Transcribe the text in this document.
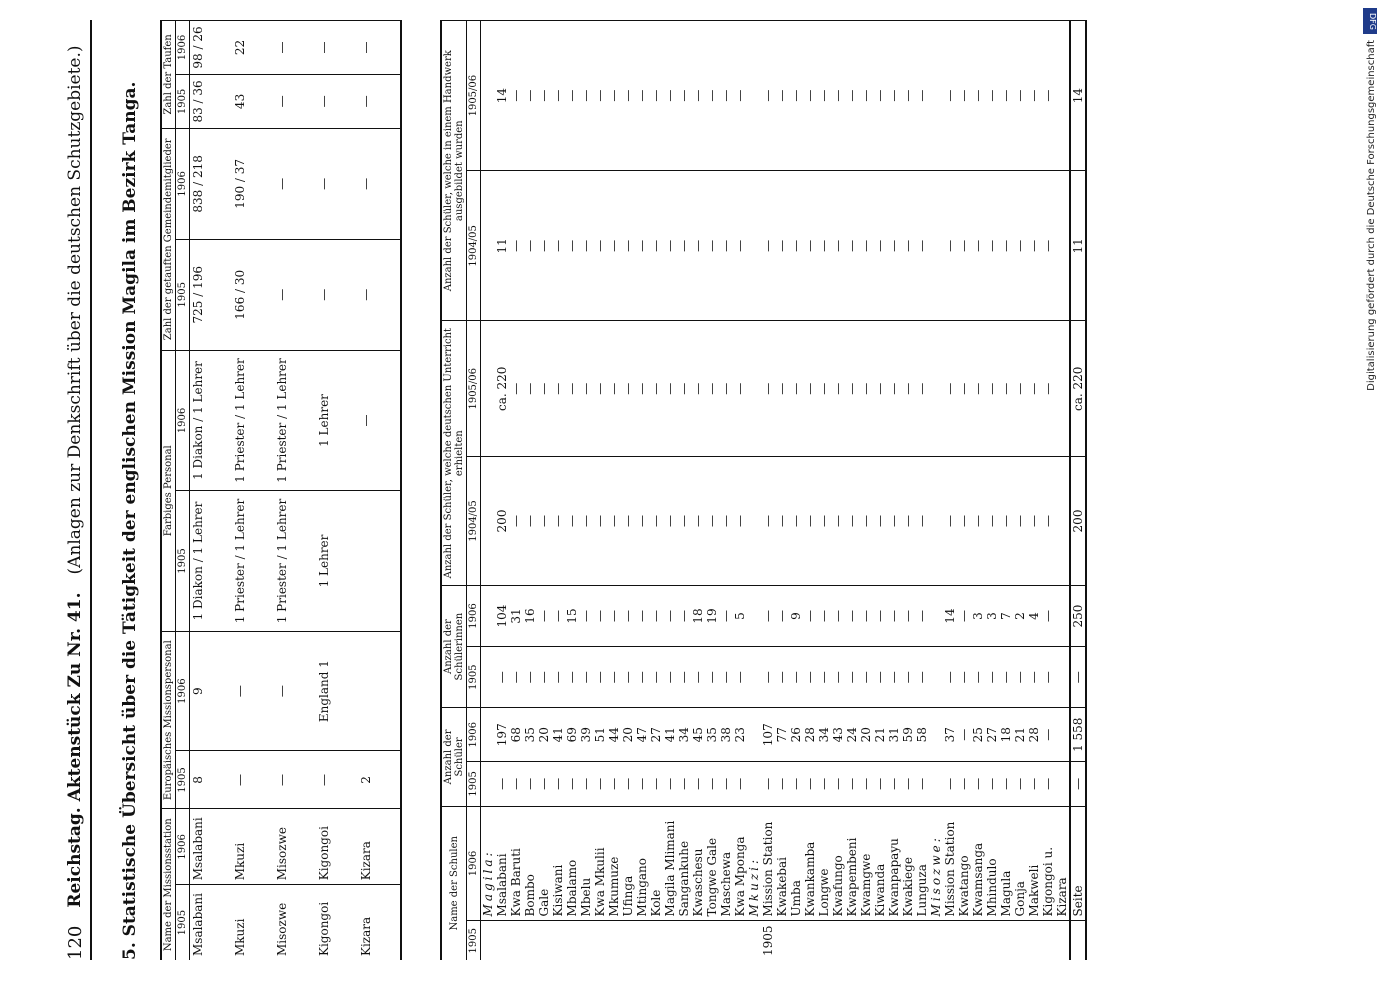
120
Reichstag. Aktenstück Zu Nr. 41.
(Anlagen zur Denkschrift über die deutschen Schutzgebiete.) 5. Statistische Übersicht über die Tätigkeit der englischen Mission Magila im Bezirk Tanga. Name der Missionsstation		Europäisches Missionspersonal		Farbiges Personal		Zahl der getauften Gemeindemitglieder		Zahl der Taufen	
1905	1906	1905	1906	1905	1906	1905	1906	1905	1906
Msalabani	Msalabani	8	9	1 Diakon / 1 Lehrer	1 Diakon / 1 Lehrer	725 / 196	838 / 218	83 / 36	98 / 26
Mkuzi	Mkuzi	—	—	1 Priester / 1 Lehrer	1 Priester / 1 Lehrer	166 / 30	190 / 37	43	22
Misozwe	Misozwe	—	—	1 Priester / 1 Lehrer	1 Priester / 1 Lehrer	—	—	—	—
Kigongoi	Kigongoi	—	England 1	1 Lehrer	1 Lehrer	—	—	—	—
Kizara	Kizara	2			—	—	—	—	—
Name der Schulen		Anzahl der Schüler		Anzahl der Schülerinnen		Anzahl der Schüler, welche deutschen Unterricht erhielten		Anzahl der Schüler, welche in einem Handwerk ausgebildet wurden	
1905	1906	1905	1906	1905	1906	1904/05	1905/06	1904/05	1905/06
	Magila:								
	Msalabani	—	197	—	104	200	ca. 220	11	14
	Kwa Baruti	—	68	—	31	—	—	—	—
	Bombo	—	35	—	16	—	—	—	—
	Gale	—	20	—	—	—	—	—	—
	Kisiwani	—	41	—	—	—	—	—	—
	Mbalamo	—	69	—	15	—	—	—	—
	Mbelu	—	39	—	—	—	—	—	—
	Kwa Mkulii	—	51	—	—	—	—	—	—
	Mkumuze	—	44	—	—	—	—	—	—
	Ufinga	—	20	—	—	—	—	—	—
	Mtingano	—	47	—	—	—	—	—	—
	Kole	—	27	—	—	—	—	—	—
	Magila Mlimani	—	41	—	—	—	—	—	—
	Sangankuhe	—	34	—	—	—	—	—	—
	Kwaschesu	—	45	—	18	—	—	—	—
	Tongwe Gale	—	35	—	19	—	—	—	—
	Maschewa	—	38	—	—	—	—	—	—
	Kwa Mponga	—	23	—	5	—	—	—	—
	Mkuzi:								
1905	Mission Station	—	107	—	—	—	—	—	—
	Kwakebai	—	77	—	—	—	—	—	—
	Umba	—	26	—	9	—	—	—	—
	Kwankamba	—	28	—	—	—	—	—	—
	Longwe	—	34	—	—	—	—	—	—
	Kwafungo	—	43	—	—	—	—	—	—
	Kwapembeni	—	24	—	—	—	—	—	—
	Kwamgwe	—	20	—	—	—	—	—	—
	Kiwanda	—	21	—	—	—	—	—	—
	Kwanpapayu	—	31	—	—	—	—	—	—
	Kwakiege	—	59	—	—	—	—	—	—
	Lunguza	—	58	—	—	—	—	—	—
	Misozwe:								
	Mission Station	—	37	—	14	—	—	—	—
	Kwatango	—	—	—	—	—	—	—	—
	Kwamsanga	—	25	—	3	—	—	—	—
	Mhindulo	—	27	—	3	—	—	—	—
	Magula	—	18	—	7	—	—	—	—
	Gonja	—	21	—	2	—	—	—	—
	Makweli	—	28	—	4	—	—	—	—
	Kigongoi u. Kizara	—	—	—	—	—	—	—	—
	Seite	—	1 558	—	250	200	ca. 220	11	14
DFG
Digitalisierung gefördert durch die Deutsche Forschungsgemeinschaft
